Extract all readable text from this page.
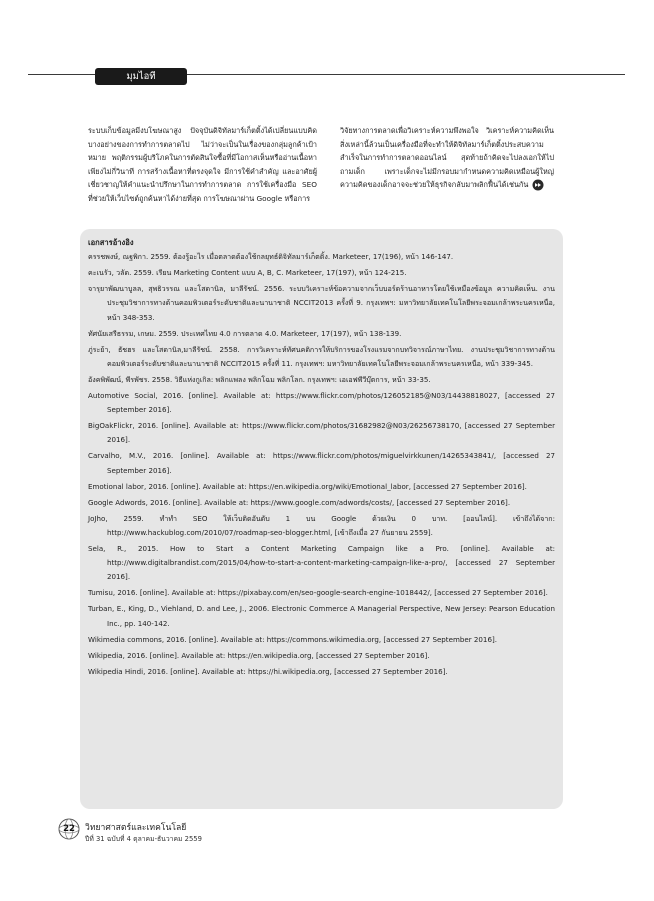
มุมไอที

ระบบเก็บข้อมูลมีงบโฆษณาสูง ปัจจุบันดิจิทัลมาร์เก็ตติ้งได้เปลี่ยนแบบคิดบางอย่างของการทำการตลาดไป ไม่ว่าจะเป็นในเรื่องของกลุ่มลูกค้าเป้าหมาย พฤติกรรมผู้บริโภคในการตัดสินใจซื้อที่มีโอกาสเห็นหรืออ่านเนื้อหาเพียงไม่กี่วินาที การสร้างเนื้อหาที่ตรงจุดใจ มีการใช้คำสำคัญ และอาศัยผู้เชี่ยวชาญให้คำแนะนำปรึกษาในการทำการตลาด การใช้เครื่องมือ SEO ที่ช่วยให้เว็บไซต์ถูกค้นหาได้ง่ายที่สุด การโฆษณาผ่าน Google หรือการ

วิจัยทางการตลาดเพื่อวิเคราะห์ความพึงพอใจ วิเคราะห์ความคิดเห็น สิ่งเหล่านี้ล้วนเป็นเครื่องมือที่จะทำให้ดิจิทัลมาร์เก็ตติ้งประสบความสำเร็จในการทำการตลาดออนไลน์ สุดท้ายถ้าคิดจะไปลงเอกให้ไปถามเด็ก เพราะเด็กจะไม่มีกรอบมากำหนดความคิดเหมือนผู้ใหญ่ ความคิดของเด็กอาจจะช่วยให้ธุรกิจกลับมาพลิกฟื้นได้เช่นกัน

เอกสารอ้างอิง
ครรชพงษ์, ณฐพิกา. 2559. ต้องรู้อะไร เมื่อตลาดต้องใช้กลยุทธ์ดิจิทัลมาร์เก็ตติ้ง. Marketeer, 17(196), หน้า 146-147.
คะเนรัว, วลัด. 2559. เรียน Marketing Content แบบ A, B, C. Marketeer, 17(197), หน้า 124-215.
จารุยาพัฒนาบูลล, สุพธิวรรณ และโสดานิล, มาลีรัชน์. 2556. ระบบวิเคราะห์ข้อความจากเว็บบอร์ดร้านอาหารโดยใช้เหมืองข้อมูล ความคิดเห็น. งานประชุมวิชาการทางด้านคอมพิวเตอร์ระดับชาติและนานาชาติ NCCIT2013 ครั้งที่ 9. กรุงเทพฯ: มหาวิทยาลัยเทคโนโลยีพระจอมเกล้าพระนครเหนือ, หน้า 348-353.
ทัศนัยเสรีธรรม, เกษม. 2559. ประเทศไทย 4.0 การตลาด 4.0. Marketeer, 17(197), หน้า 138-139.
ภู่ระย้า, ธัชฮร และโสดานิล,มาลีรัชน์. 2558. การวิเคราะห์ทัศนคติการให้บริการของโรงแรมจากบทวิจารณ์ภาษาไทย. งานประชุมวิชาการทางด้านคอมพิวเตอร์ระดับชาติและนานาชาติ NCCIT2015 ครั้งที่ 11. กรุงเทพฯ: มหาวิทยาลัยเทคโนโลยีพระจอมเกล้าพระนครเหนือ, หน้า 339-345.
อังคพิพัฒน์, พีรพัชร. 2558. วิธีแห่งกูเกิล: พลิกแพลง พลิกโฉม พลิกโลก. กรุงเทพฯ: เอเอฟพีวีบุ๊ตการ, หน้า 33-35.
Automotive Social, 2016. [online]. Available at: https://www.flickr.com/photos/126052185@N03/14438818027, [accessed 27 September 2016].
BigOakFlickr, 2016. [online]. Available at: https://www.flickr.com/photos/31682982@N03/26256738170, [accessed 27 September 2016].
Carvalho, M.V., 2016. [online]. Available at: https://www.flickr.com/photos/miguelvirkkunen/14265343841/, [accessed 27 September 2016].
Emotional labor, 2016. [online]. Available at: https://en.wikipedia.org/wiki/Emotional_labor, [accessed 27 September 2016].
Google Adwords, 2016. [online]. Available at: https://www.google.com/adwords/costs/, [accessed 27 September 2016].
JoJho, 2559. ทำทำ SEO ให้เว็บติดอันดับ 1 บน Google ด้วยเงิน 0 บาท. [ออนไลน์]. เข้าถึงได้จาก: http://www.hackublog.com/2010/07/roadmap-seo-blogger.html, [เข้าถึงเมื่อ 27 กันยายน 2559].
Sela, R., 2015. How to Start a Content Marketing Campaign like a Pro. [online]. Available at: http://www.digitalbrandist.com/2015/04/how-to-start-a-content-marketing-campaign-like-a-pro/, [accessed 27 September 2016].
Tumisu, 2016. [online]. Available at: https://pixabay.com/en/seo-google-search-engine-1018442/, [accessed 27 September 2016].
Turban, E., King, D., Viehland, D. and Lee, J., 2006. Electronic Commerce A Managerial Perspective, New Jersey: Pearson Education Inc., pp. 140-142.
Wikimedia commons, 2016. [online]. Available at: https://commons.wikimedia.org, [accessed 27 September 2016].
Wikipedia, 2016. [online]. Available at: https://en.wikipedia.org, [accessed 27 September 2016].
Wikipedia Hindi, 2016. [online]. Available at: https://hi.wikipedia.org, [accessed 27 September 2016].
22	วิทยาศาสตร์และเทคโนโลยี
ปีที่ 31 ฉบับที่ 4 ตุลาคม-ธันวาคม 2559
